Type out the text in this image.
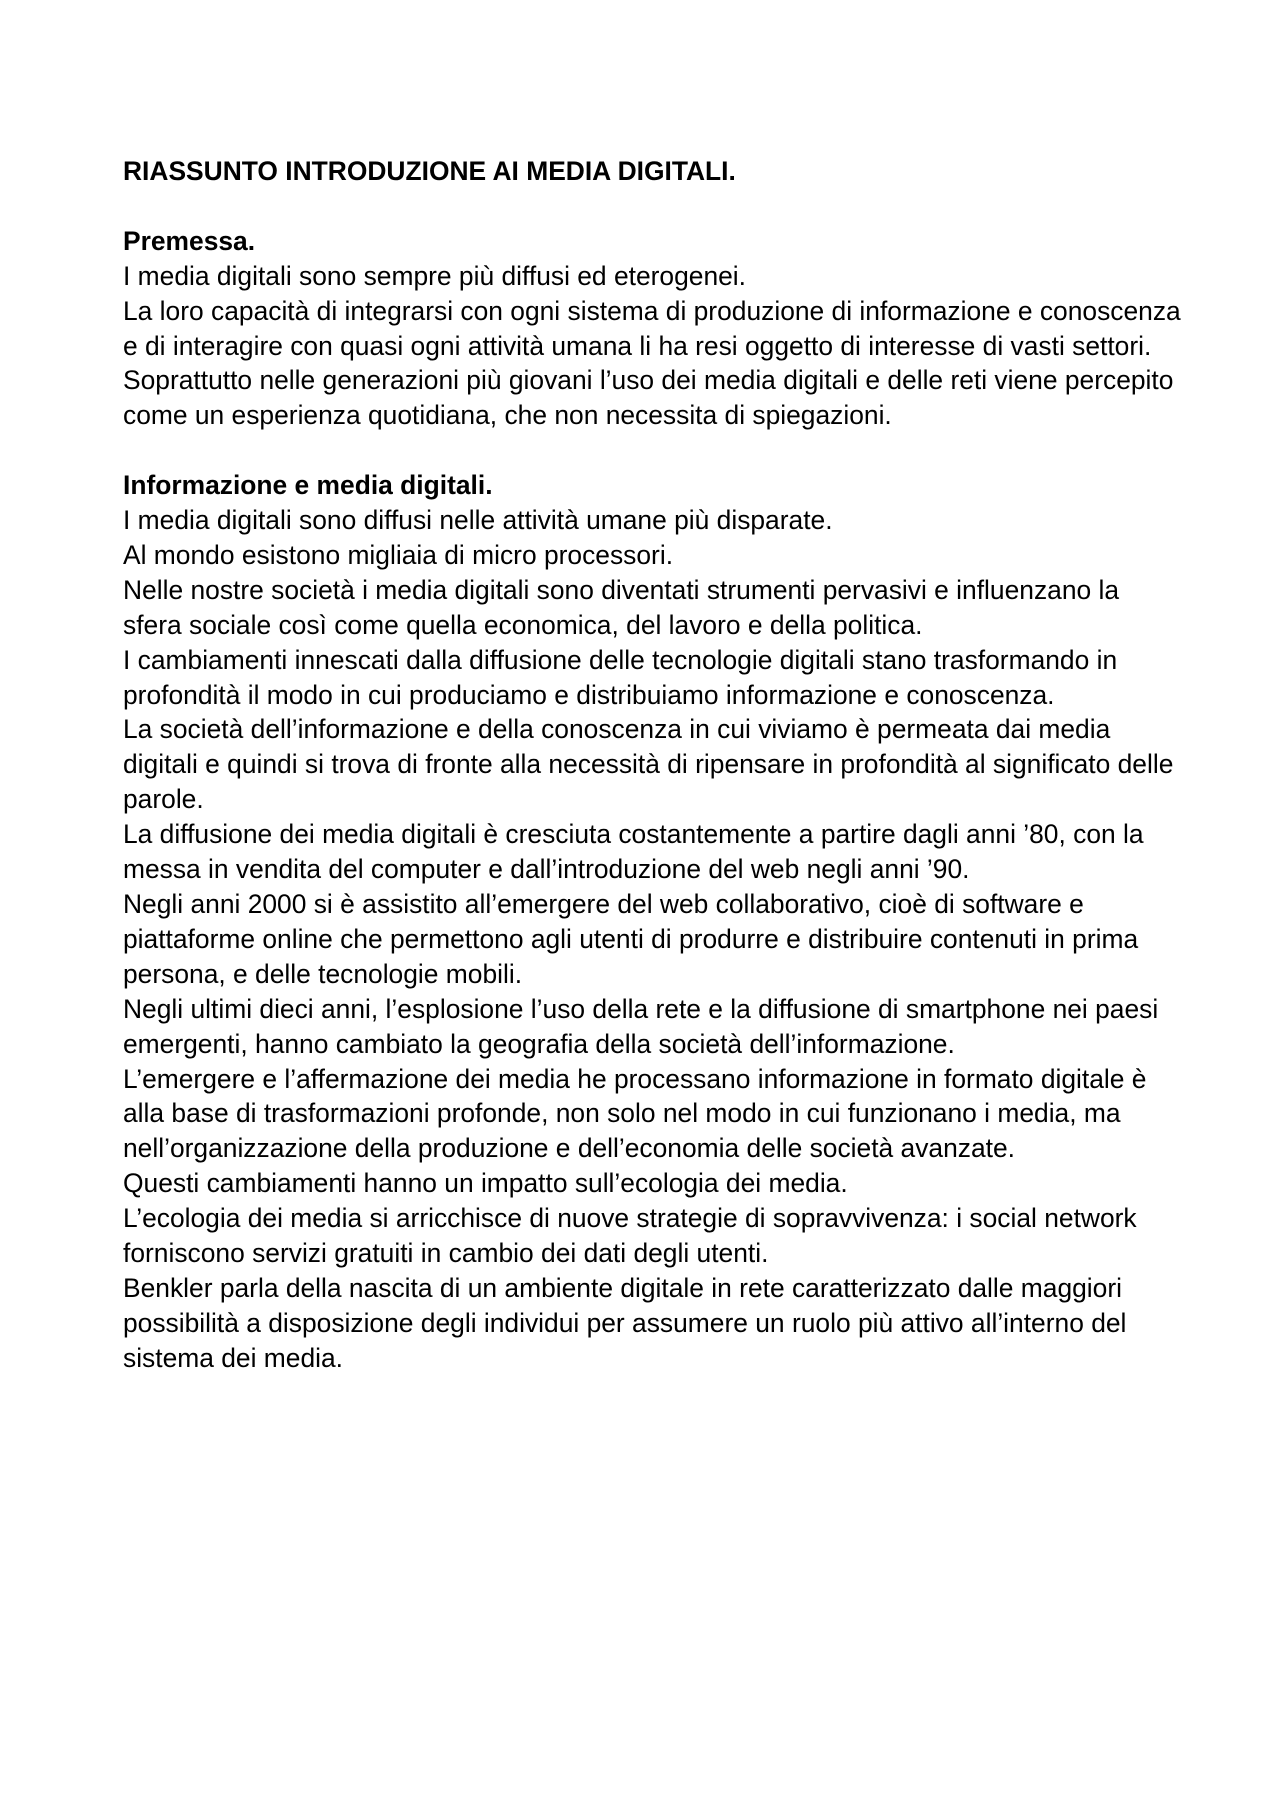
RIASSUNTO INTRODUZIONE AI MEDIA DIGITALI.

Premessa.

I media digitali sono sempre più diffusi ed eterogenei.

La loro capacità di integrarsi con ogni sistema di produzione di informazione e conoscenza e di interagire con quasi ogni attività umana li ha resi oggetto di interesse di vasti settori.

Soprattutto nelle generazioni più giovani l’uso dei media digitali e delle reti viene percepito come un esperienza quotidiana, che non necessita di spiegazioni.

Informazione e media digitali.

I media digitali sono diffusi nelle attività umane più disparate.

Al mondo esistono migliaia di micro processori.

Nelle nostre società i media digitali sono diventati strumenti pervasivi e influenzano la sfera sociale così come quella economica, del lavoro e della politica.

I cambiamenti innescati dalla diffusione delle tecnologie digitali stano trasformando in profondità il modo in cui produciamo e distribuiamo informazione e conoscenza.

La società dell’informazione e della conoscenza in cui viviamo è permeata dai media digitali e quindi si trova di fronte alla necessità di ripensare in profondità al significato delle parole.

La diffusione dei media digitali è cresciuta costantemente a partire dagli anni ’80, con la messa in vendita del computer e dall’introduzione del web negli anni ’90.

Negli anni 2000 si è assistito all’emergere del web collaborativo, cioè di software e piattaforme online che permettono agli utenti di produrre e distribuire contenuti in prima persona, e delle tecnologie mobili.

Negli ultimi dieci anni, l’esplosione l’uso della rete e la diffusione di smartphone nei paesi emergenti, hanno cambiato la geografia della società dell’informazione.

L’emergere e l’affermazione dei media he processano informazione in formato digitale è alla base di trasformazioni profonde, non solo nel modo in cui funzionano i media, ma nell’organizzazione della produzione e dell’economia delle società avanzate.

Questi cambiamenti hanno un impatto sull’ecologia dei media.

L’ecologia dei media si arricchisce di nuove strategie di sopravvivenza: i social network forniscono servizi gratuiti in cambio dei dati degli utenti.

Benkler parla della nascita di un ambiente digitale in rete caratterizzato dalle maggiori possibilità a disposizione degli individui per assumere un ruolo più attivo all’interno del sistema dei media.
